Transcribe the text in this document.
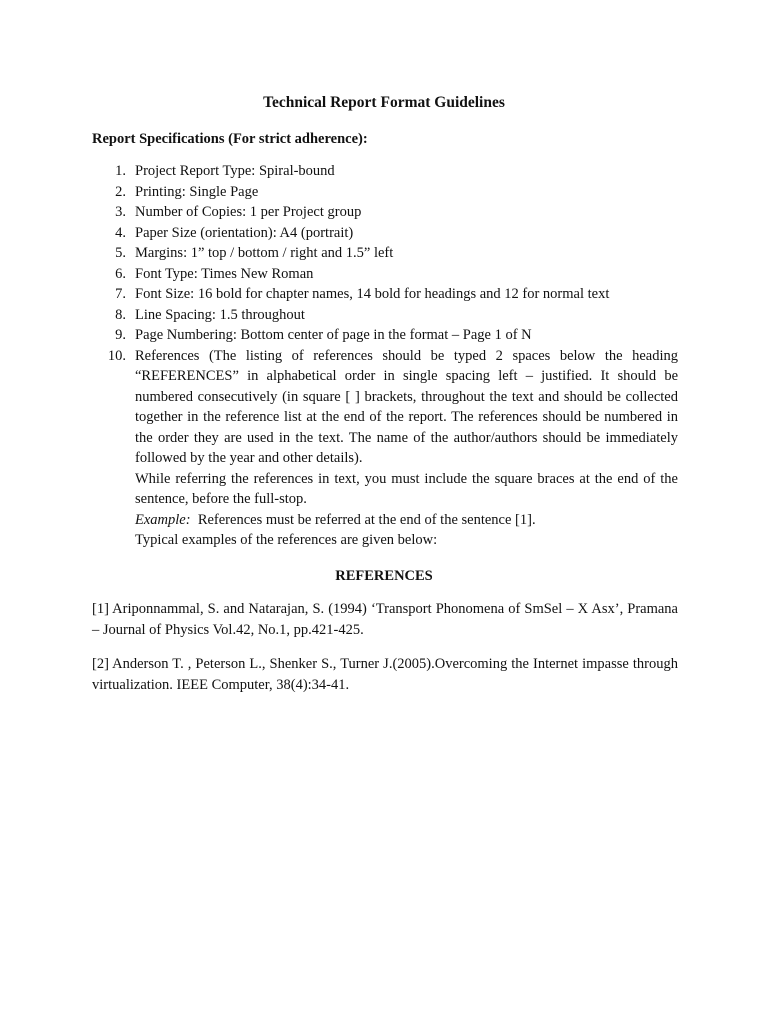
Technical Report Format Guidelines

Report Specifications (For strict adherence):

1. Project Report Type: Spiral-bound
2. Printing: Single Page
3. Number of Copies: 1 per Project group
4. Paper Size (orientation): A4 (portrait)
5. Margins: 1” top / bottom / right and 1.5” left
6. Font Type: Times New Roman
7. Font Size: 16 bold for chapter names, 14 bold for headings and 12 for normal text
8. Line Spacing: 1.5 throughout
9. Page Numbering: Bottom center of page in the format – Page 1 of N
10. References (The listing of references should be typed 2 spaces below the heading “REFERENCES” in alphabetical order in single spacing left – justified. It should be numbered consecutively (in square [ ] brackets, throughout the text and should be collected together in the reference list at the end of the report. The references should be numbered in the order they are used in the text. The name of the author/authors should be immediately followed by the year and other details).
While referring the references in text, you must include the square braces at the end of the sentence, before the full-stop.
Example:  References must be referred at the end of the sentence [1].
Typical examples of the references are given below:
REFERENCES

[1] Ariponnammal, S. and Natarajan, S. (1994) ‘Transport Phonomena of SmSel – X Asx’, Pramana – Journal of Physics Vol.42, No.1, pp.421-425.

[2] Anderson T. , Peterson L., Shenker S., Turner J.(2005).Overcoming the Internet impasse through virtualization. IEEE Computer, 38(4):34-41.
